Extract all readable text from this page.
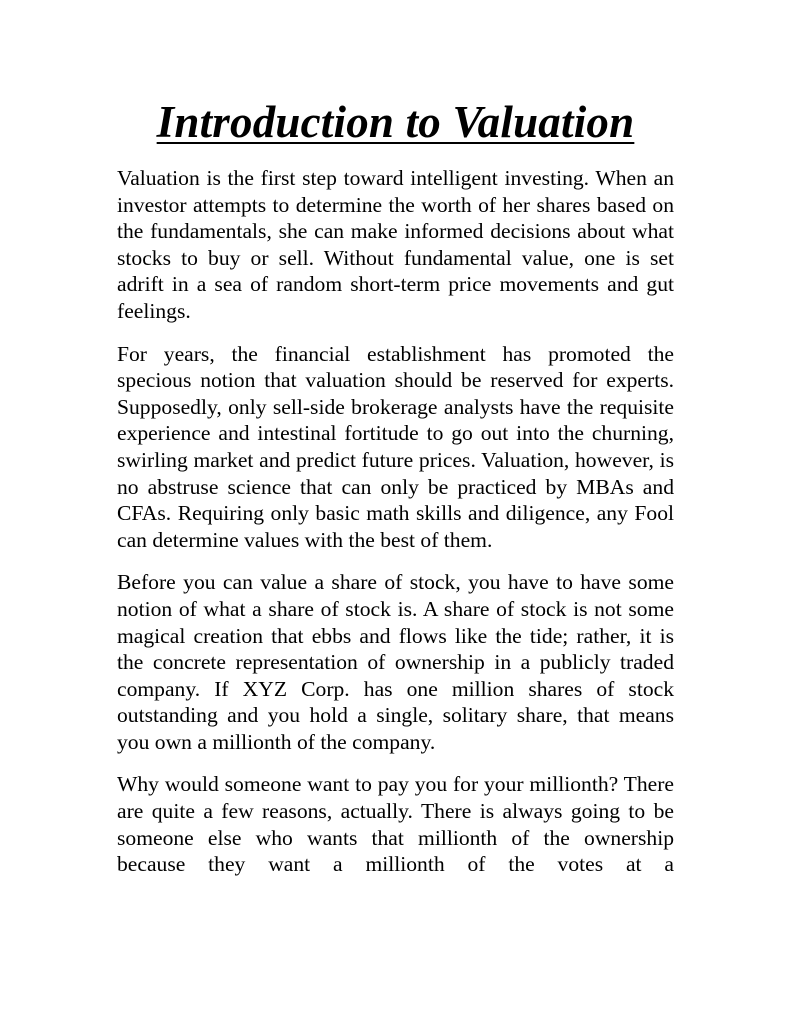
Introduction to Valuation

Valuation is the first step toward intelligent investing. When an investor attempts to determine the worth of her shares based on the fundamentals, she can make informed decisions about what stocks to buy or sell. Without fundamental value, one is set adrift in a sea of random short-term price movements and gut feelings.

For years, the financial establishment has promoted the specious notion that valuation should be reserved for experts. Supposedly, only sell-side brokerage analysts have the requisite experience and intestinal fortitude to go out into the churning, swirling market and predict future prices. Valuation, however, is no abstruse science that can only be practiced by MBAs and CFAs. Requiring only basic math skills and diligence, any Fool can determine values with the best of them.

Before you can value a share of stock, you have to have some notion of what a share of stock is. A share of stock is not some magical creation that ebbs and flows like the tide; rather, it is the concrete representation of ownership in a publicly traded company. If XYZ Corp. has one million shares of stock outstanding and you hold a single, solitary share, that means you own a millionth of the company.

Why would someone want to pay you for your millionth? There are quite a few reasons, actually. There is always going to be someone else who wants that millionth of the ownership because they want a millionth of the votes at a
